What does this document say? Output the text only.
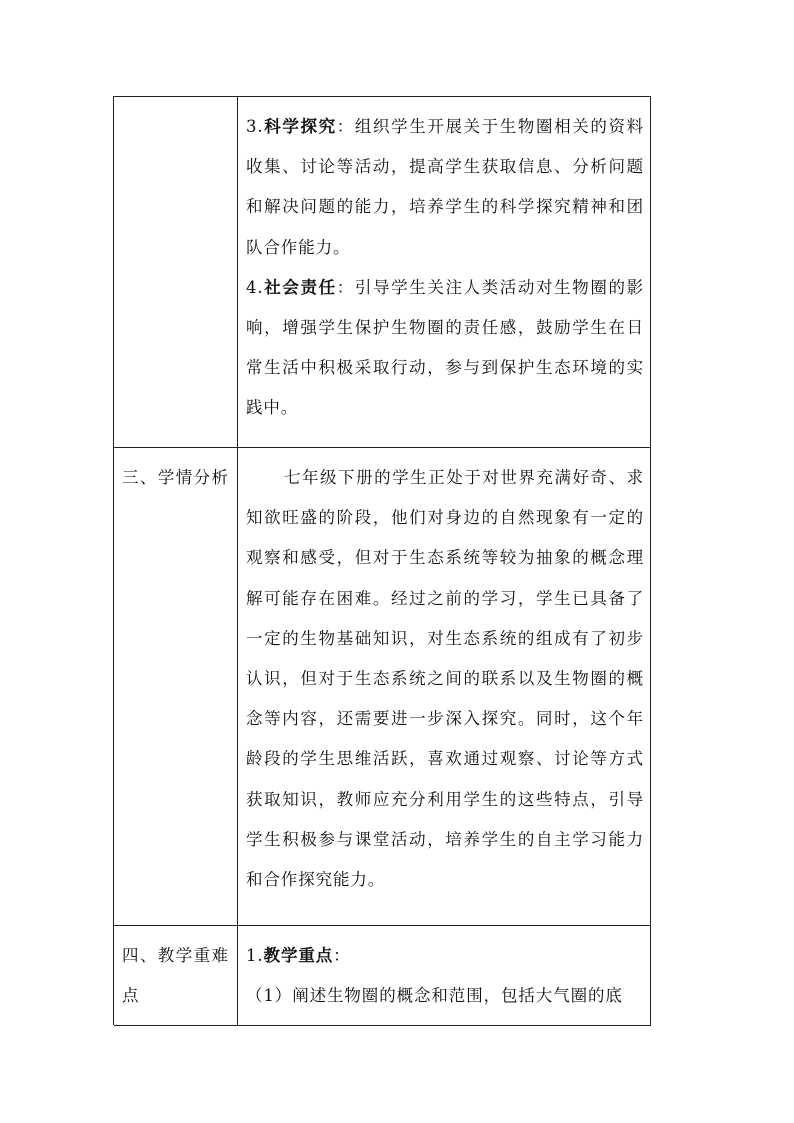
3.科学探究：组织学生开展关于生物圈相关的资料收集、讨论等活动，提高学生获取信息、分析问题和解决问题的能力，培养学生的科学探究精神和团队合作能力。

4.社会责任：引导学生关注人类活动对生物圈的影响，增强学生保护生物圈的责任感，鼓励学生在日常生活中积极采取行动，参与到保护生态环境的实践中。

三、学情分析	七年级下册的学生正处于对世界充满好奇、求知欲旺盛的阶段，他们对身边的自然现象有一定的观察和感受，但对于生态系统等较为抽象的概念理解可能存在困难。经过之前的学习，学生已具备了一定的生物基础知识，对生态系统的组成有了初步认识，但对于生态系统之间的联系以及生物圈的概念等内容，还需要进一步深入探究。同时，这个年龄段的学生思维活跃，喜欢通过观察、讨论等方式获取知识，教师应充分利用学生的这些特点，引导学生积极参与课堂活动，培养学生的自主学习能力和合作探究能力。

四、教学重难点

1.教学重点：

（1）阐述生物圈的概念和范围，包括大气圈的底
